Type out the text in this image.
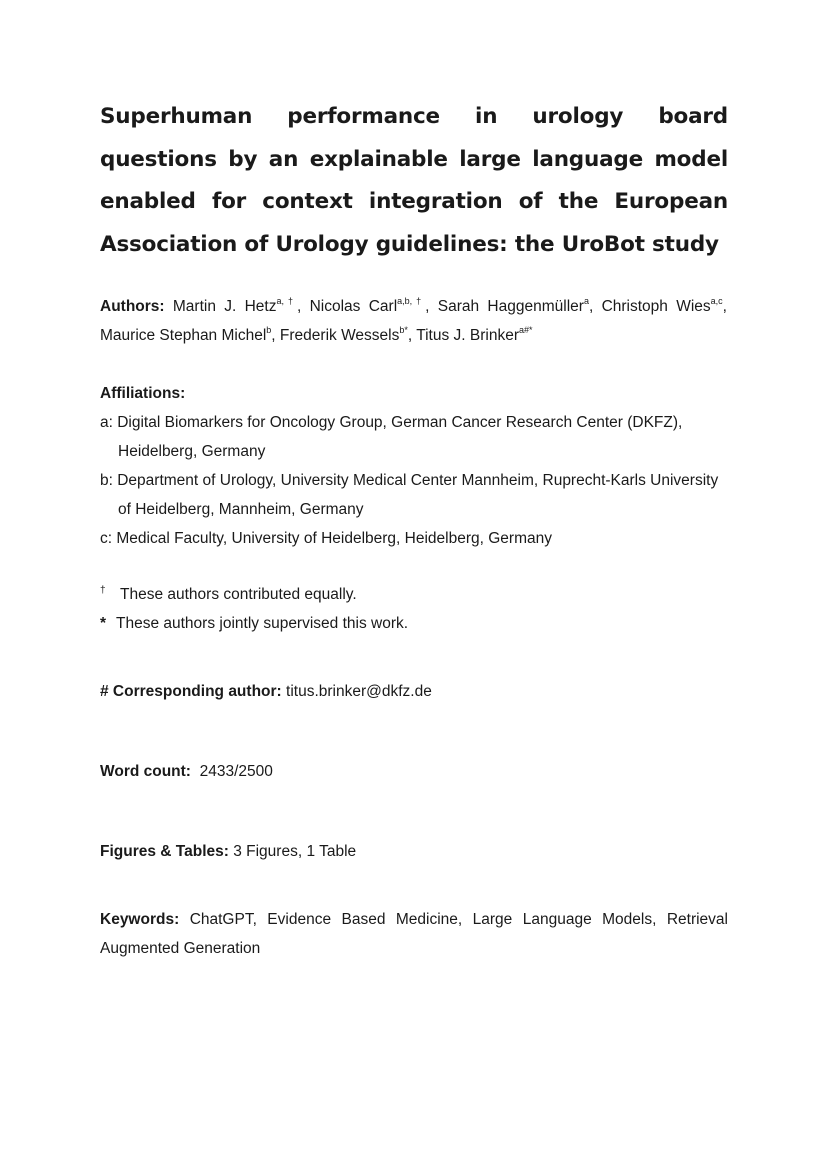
Superhuman performance in urology board questions by an explainable large language model enabled for context integration of the European Association of Urology guidelines: the UroBot study

Authors: Martin J. Hetz$^{a,\dagger}$, Nicolas Carl$^{a,b,\dagger}$, Sarah Haggenmüller$^a$, Christoph Wies$^{a,c}$, Maurice Stephan Michel$^b$, Frederik Wessels$^{b*}$, Titus J. Brinker$^{a\#*}$

Affiliations:

a: Digital Biomarkers for Oncology Group, German Cancer Research Center (DKFZ), Heidelberg, Germany
b: Department of Urology, University Medical Center Mannheim, Ruprecht-Karls University of Heidelberg, Mannheim, Germany
c: Medical Faculty, University of Heidelberg, Heidelberg, Germany
† These authors contributed equally.
* These authors jointly supervised this work.

# Corresponding author: titus.brinker@dkfz.de

Word count: 2433/2500

Figures & Tables: 3 Figures, 1 Table

Keywords: ChatGPT, Evidence Based Medicine, Large Language Models, Retrieval Augmented Generation
